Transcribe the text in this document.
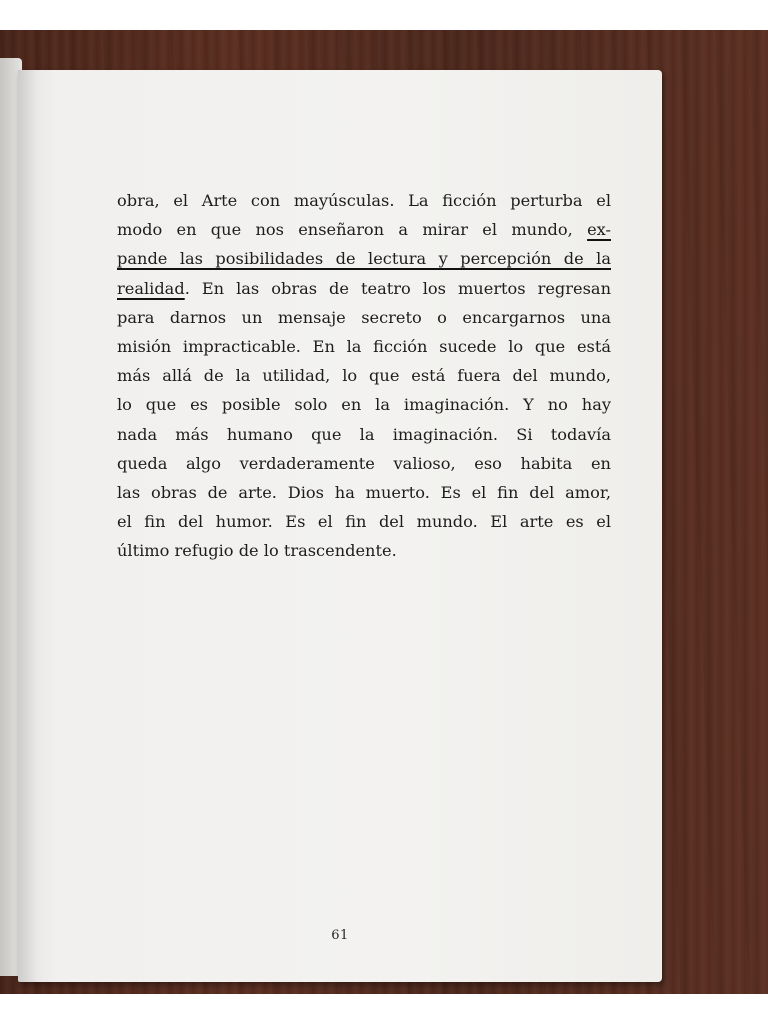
obra, el Arte con mayúsculas. La ficción perturba el
modo en que nos enseñaron a mirar el mundo, ex-
pande las posibilidades de lectura y percepción de la
realidad. En las obras de teatro los muertos regresan
para darnos un mensaje secreto o encargarnos una
misión impracticable. En la ficción sucede lo que está
más allá de la utilidad, lo que está fuera del mundo,
lo que es posible solo en la imaginación. Y no hay
nada más humano que la imaginación. Si todavía
queda algo verdaderamente valioso, eso habita en
las obras de arte. Dios ha muerto. Es el fin del amor,
el fin del humor. Es el fin del mundo. El arte es el
último refugio de lo trascendente.
61
